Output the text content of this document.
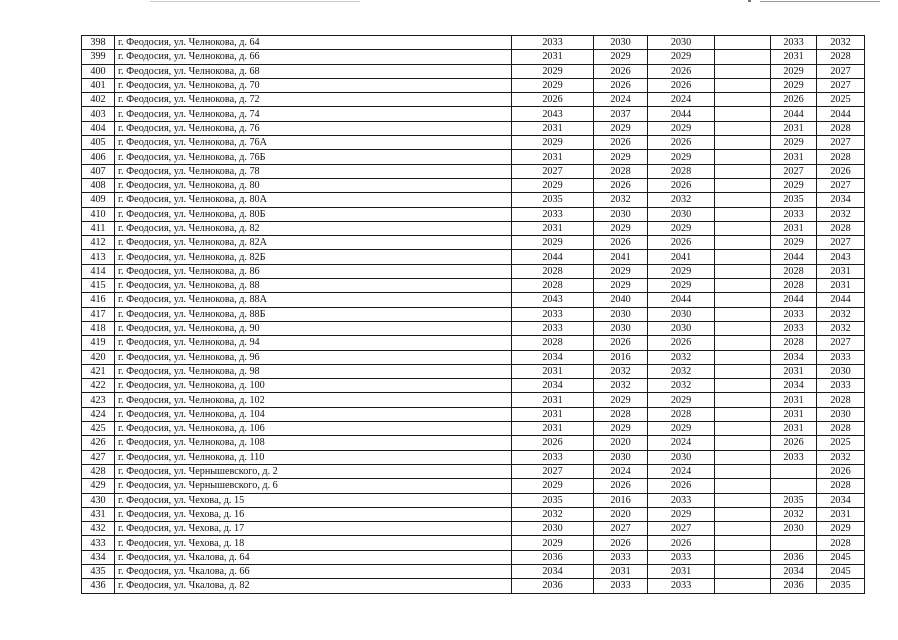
398	г. Феодосия, ул. Челнокова, д. 64	2033	2030	2030		2033	2032
399	г. Феодосия, ул. Челнокова, д. 66	2031	2029	2029		2031	2028
400	г. Феодосия, ул. Челнокова, д. 68	2029	2026	2026		2029	2027
401	г. Феодосия, ул. Челнокова, д. 70	2029	2026	2026		2029	2027
402	г. Феодосия, ул. Челнокова, д. 72	2026	2024	2024		2026	2025
403	г. Феодосия, ул. Челнокова, д. 74	2043	2037	2044		2044	2044
404	г. Феодосия, ул. Челнокова, д. 76	2031	2029	2029		2031	2028
405	г. Феодосия, ул. Челнокова, д. 76А	2029	2026	2026		2029	2027
406	г. Феодосия, ул. Челнокова, д. 76Б	2031	2029	2029		2031	2028
407	г. Феодосия, ул. Челнокова, д. 78	2027	2028	2028		2027	2026
408	г. Феодосия, ул. Челнокова, д. 80	2029	2026	2026		2029	2027
409	г. Феодосия, ул. Челнокова, д. 80А	2035	2032	2032		2035	2034
410	г. Феодосия, ул. Челнокова, д. 80Б	2033	2030	2030		2033	2032
411	г. Феодосия, ул. Челнокова, д. 82	2031	2029	2029		2031	2028
412	г. Феодосия, ул. Челнокова, д. 82А	2029	2026	2026		2029	2027
413	г. Феодосия, ул. Челнокова, д. 82Б	2044	2041	2041		2044	2043
414	г. Феодосия, ул. Челнокова, д. 86	2028	2029	2029		2028	2031
415	г. Феодосия, ул. Челнокова, д. 88	2028	2029	2029		2028	2031
416	г. Феодосия, ул. Челнокова, д. 88А	2043	2040	2044		2044	2044
417	г. Феодосия, ул. Челнокова, д. 88Б	2033	2030	2030		2033	2032
418	г. Феодосия, ул. Челнокова, д. 90	2033	2030	2030		2033	2032
419	г. Феодосия, ул. Челнокова, д. 94	2028	2026	2026		2028	2027
420	г. Феодосия, ул. Челнокова, д. 96	2034	2016	2032		2034	2033
421	г. Феодосия, ул. Челнокова, д. 98	2031	2032	2032		2031	2030
422	г. Феодосия, ул. Челнокова, д. 100	2034	2032	2032		2034	2033
423	г. Феодосия, ул. Челнокова, д. 102	2031	2029	2029		2031	2028
424	г. Феодосия, ул. Челнокова, д. 104	2031	2028	2028		2031	2030
425	г. Феодосия, ул. Челнокова, д. 106	2031	2029	2029		2031	2028
426	г. Феодосия, ул. Челнокова, д. 108	2026	2020	2024		2026	2025
427	г. Феодосия, ул. Челнокова, д. 110	2033	2030	2030		2033	2032
428	г. Феодосия, ул. Чернышевского, д. 2	2027	2024	2024			2026
429	г. Феодосия, ул. Чернышевского, д. 6	2029	2026	2026			2028
430	г. Феодосия, ул. Чехова, д. 15	2035	2016	2033		2035	2034
431	г. Феодосия, ул. Чехова, д. 16	2032	2020	2029		2032	2031
432	г. Феодосия, ул. Чехова, д. 17	2030	2027	2027		2030	2029
433	г. Феодосия, ул. Чехова, д. 18	2029	2026	2026			2028
434	г. Феодосия, ул. Чкалова, д. 64	2036	2033	2033		2036	2045
435	г. Феодосия, ул. Чкалова, д. 66	2034	2031	2031		2034	2045
436	г. Феодосия, ул. Чкалова, д. 82	2036	2033	2033		2036	2035
